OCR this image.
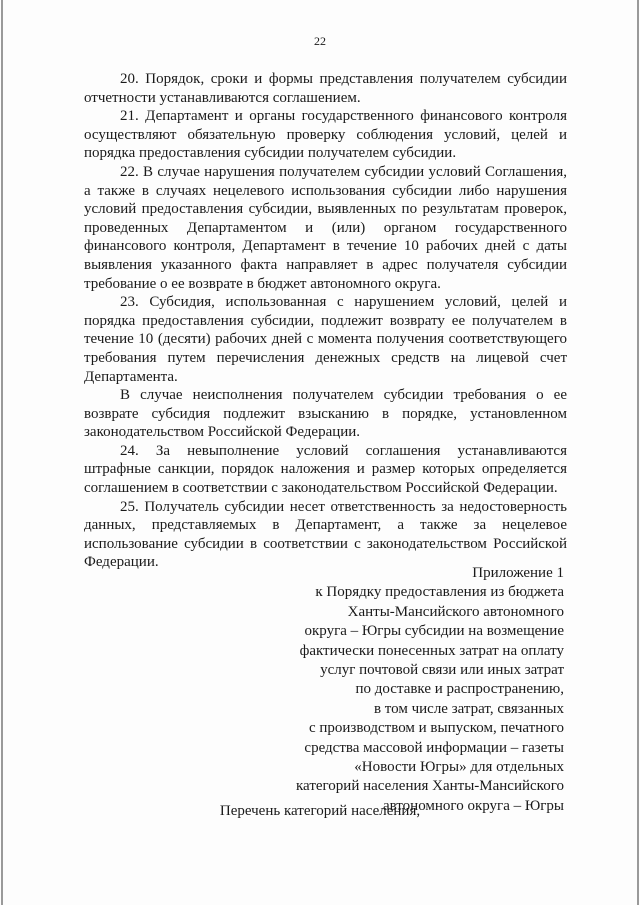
22

20. Порядок, сроки и формы представления получателем субсидии отчетности устанавливаются соглашением.

21. Департамент и органы государственного финансового контроля осуществляют обязательную проверку соблюдения условий, целей и порядка предоставления субсидии получателем субсидии.

22. В случае нарушения получателем субсидии условий Соглашения, а также в случаях нецелевого использования субсидии либо нарушения условий предоставления субсидии, выявленных по результатам проверок, проведенных Департаментом и (или) органом государственного финансового контроля, Департамент в течение 10 рабочих дней с даты выявления указанного факта направляет в адрес получателя субсидии требование о ее возврате в бюджет автономного округа.

23. Субсидия, использованная с нарушением условий, целей и порядка предоставления субсидии, подлежит возврату ее получателем в течение 10 (десяти) рабочих дней с момента получения соответствующего требования путем перечисления денежных средств на лицевой счет Департамента.

В случае неисполнения получателем субсидии требования о ее возврате субсидия подлежит взысканию в порядке, установленном законодательством Российской Федерации.

24. За невыполнение условий соглашения устанавливаются штрафные санкции, порядок наложения и размер которых определяется соглашением в соответствии с законодательством Российской Федерации.

25. Получатель субсидии несет ответственность за недостоверность данных, представляемых в Департамент, а также за нецелевое использование субсидии в соответствии с законодательством Российской Федерации.

Приложение 1
к Порядку предоставления из бюджета
Ханты-Мансийского автономного
округа – Югры субсидии на возмещение
фактически понесенных затрат на оплату
услуг почтовой связи или иных затрат
по доставке и распространению,
в том числе затрат, связанных
с производством и выпуском, печатного
средства массовой информации – газеты
«Новости Югры» для отдельных
категорий населения Ханты-Мансийского
автономного округа – Югры
Перечень категорий населения,
